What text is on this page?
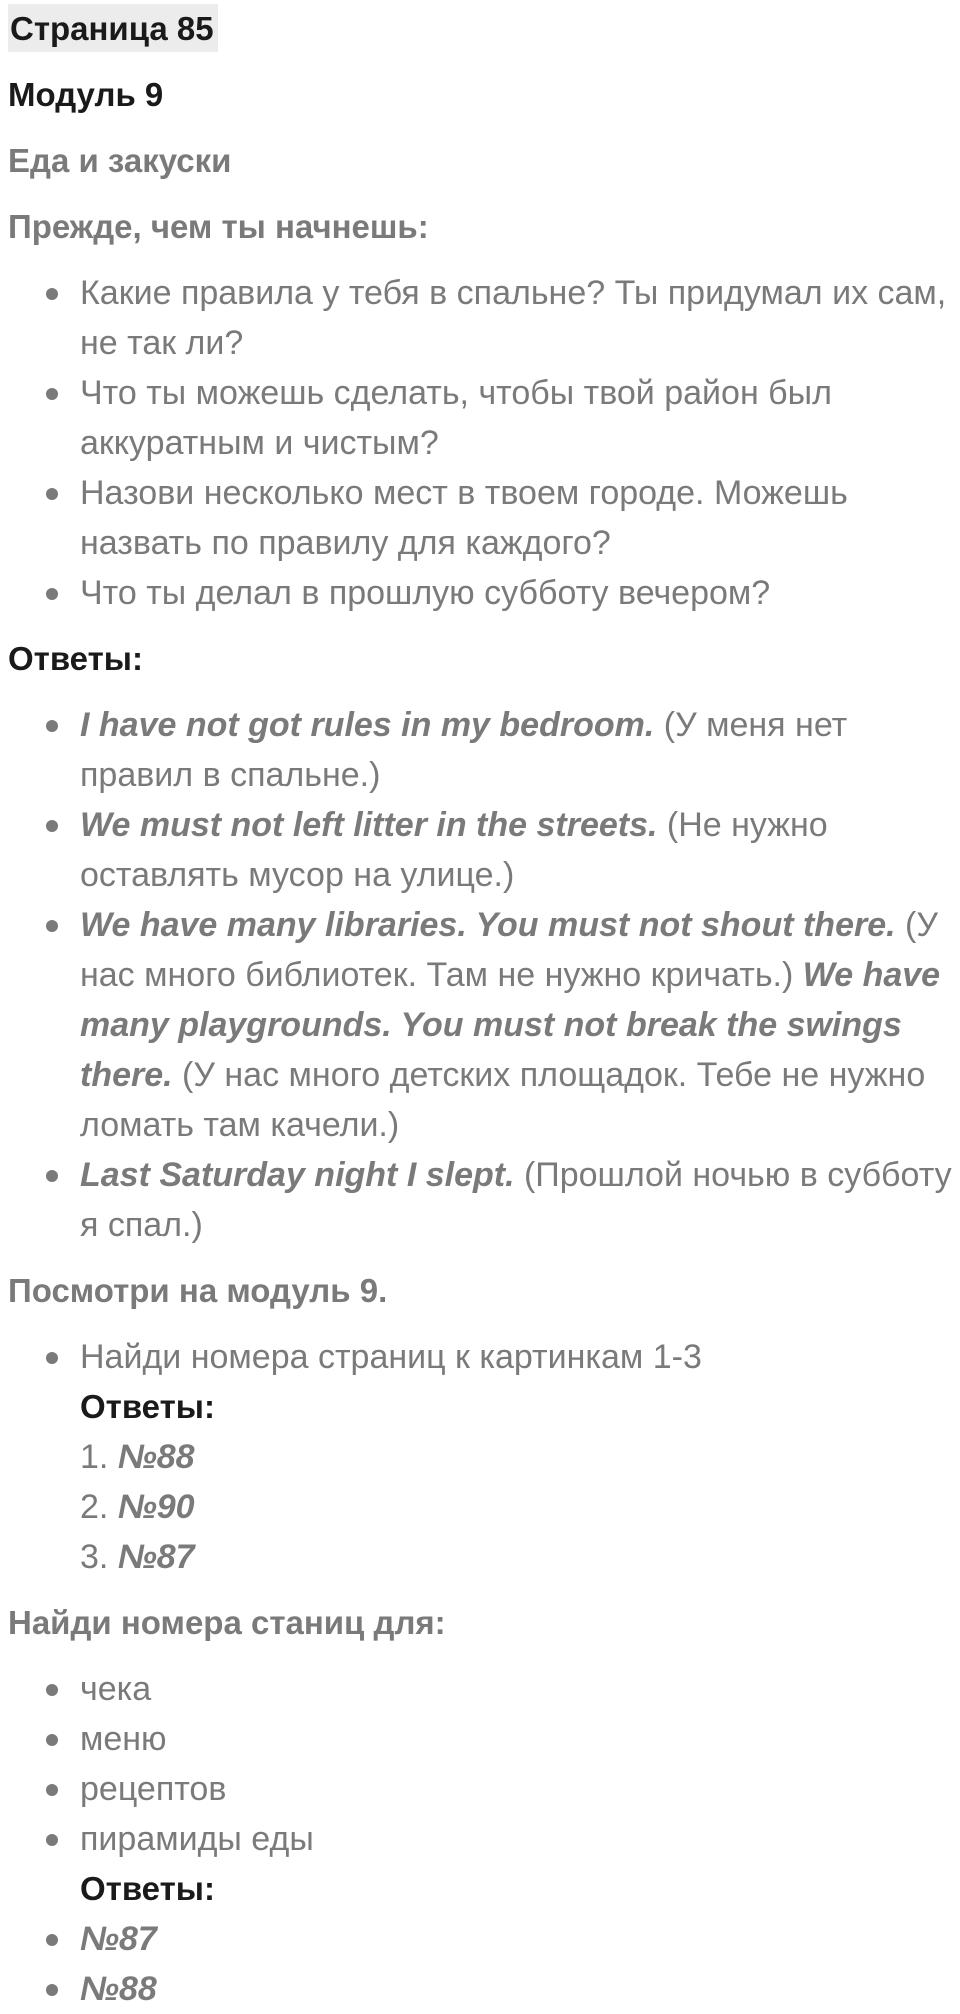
Страница 85
Модуль 9
Еда и закуски
Прежде, чем ты начнешь:
Какие правила у тебя в спальне? Ты придумал их сам, не так ли?
Что ты можешь сделать, чтобы твой район был аккуратным и чистым?
Назови несколько мест в твоем городе. Можешь назвать по правилу для каждого?
Что ты делал в прошлую субботу вечером?
Ответы:
I have not got rules in my bedroom. (У меня нет правил в спальне.)
We must not left litter in the streets. (Не нужно оставлять мусор на улице.)
We have many libraries. You must not shout there. (У нас много библиотек. Там не нужно кричать.) We have many playgrounds. You must not break the swings there. (У нас много детских площадок. Тебе не нужно ломать там качели.)
Last Saturday night I slept. (Прошлой ночью в субботу я спал.)
Посмотри на модуль 9.
Найди номера страниц к картинкам 1-3
Ответы:
1. №88
2. №90
3. №87
Найди номера станиц для:
чека
меню
рецептов
пирамиды еды
Ответы:
№87
№88
